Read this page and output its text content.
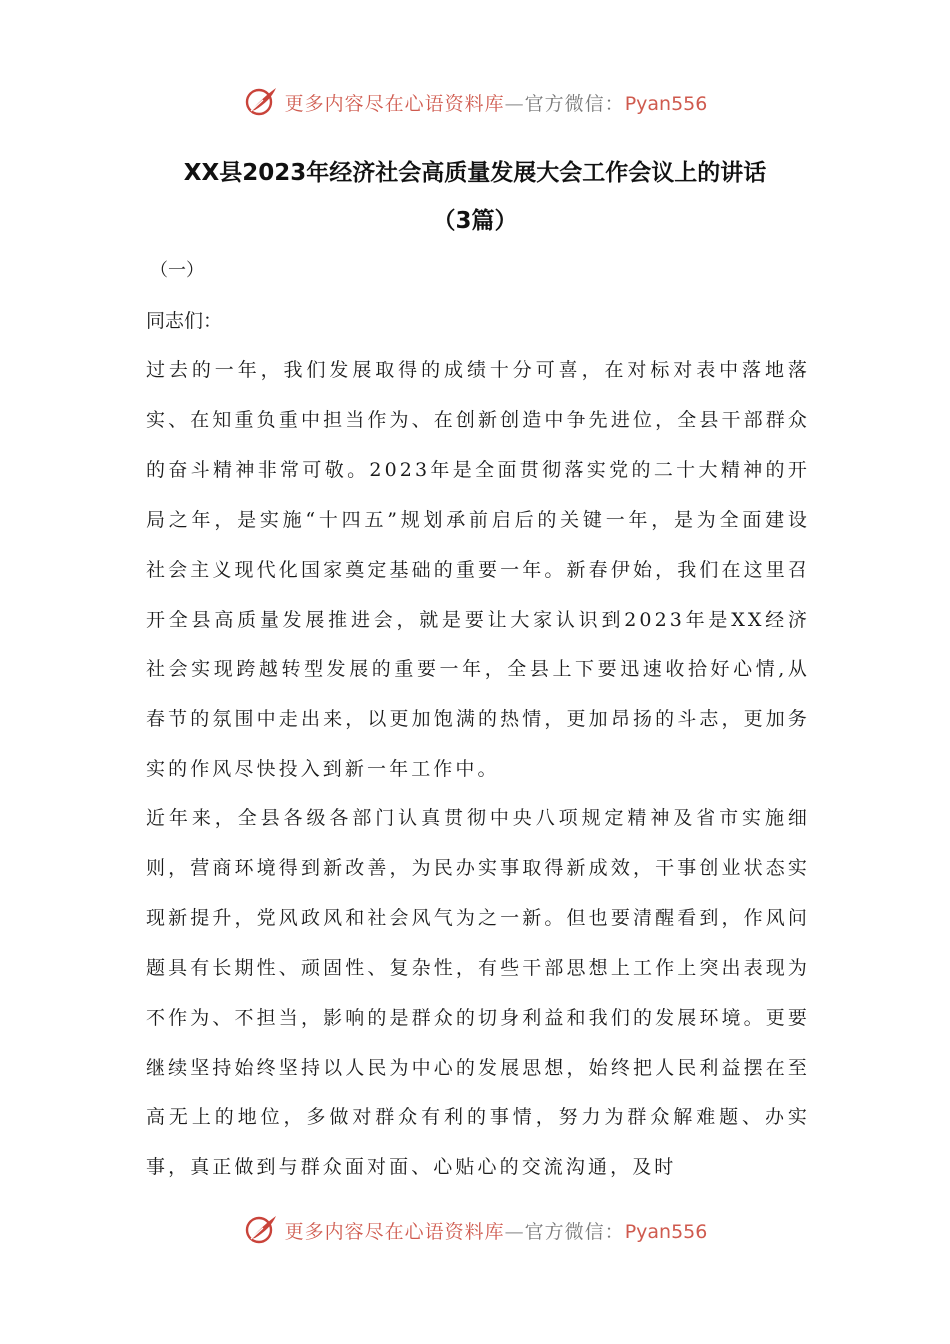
更多内容尽在心语资料库—官方微信：Pyan556
XX县2023年经济社会高质量发展大会工作会议上的讲话
（3篇）
（一）
同志们：

过去的一年，我们发展取得的成绩十分可喜，在对标对表中落地落实、在知重负重中担当作为、在创新创造中争先进位，全县干部群众的奋斗精神非常可敬。2023年是全面贯彻落实党的二十大精神的开局之年，是实施“十四五”规划承前启后的关键一年，是为全面建设社会主义现代化国家奠定基础的重要一年。新春伊始，我们在这里召开全县高质量发展推进会，就是要让大家认识到2023年是XX经济社会实现跨越转型发展的重要一年，全县上下要迅速收拾好心情,从春节的氛围中走出来，以更加饱满的热情，更加昂扬的斗志，更加务实的作风尽快投入到新一年工作中。

近年来，全县各级各部门认真贯彻中央八项规定精神及省市实施细则，营商环境得到新改善，为民办实事取得新成效，干事创业状态实现新提升，党风政风和社会风气为之一新。但也要清醒看到，作风问题具有长期性、顽固性、复杂性，有些干部思想上工作上突出表现为不作为、不担当，影响的是群众的切身利益和我们的发展环境。更要继续坚持始终坚持以人民为中心的发展思想，始终把人民利益摆在至高无上的地位，多做对群众有利的事情，努力为群众解难题、办实事，真正做到与群众面对面、心贴心的交流沟通，及时

更多内容尽在心语资料库—官方微信：Pyan556
